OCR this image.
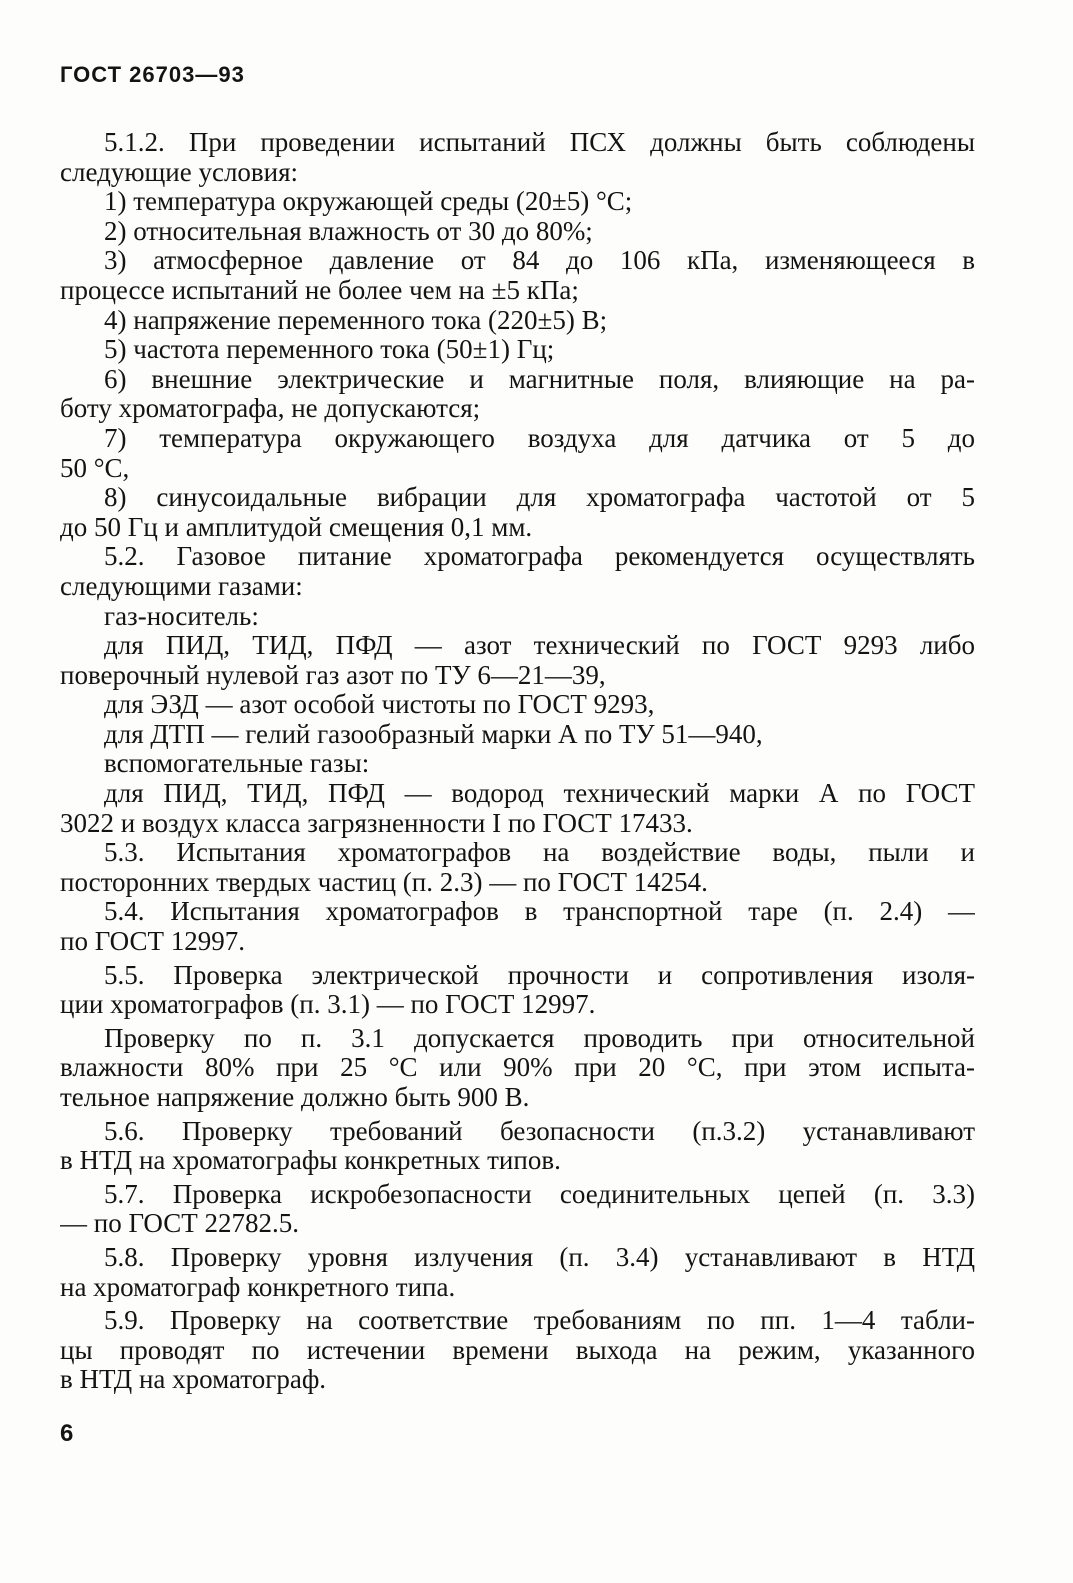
ГОСТ 26703—93
5.1.2. При проведении испытаний ПСХ должны быть соблюдены
следующие условия:
1) температура окружающей среды (20±5) °С;
2) относительная влажность от 30 до 80%;
3) атмосферное давление от 84 до 106 кПа, изменяющееся в
процессе испытаний не более чем на ±5 кПа;
4) напряжение переменного тока (220±5) В;
5) частота переменного тока (50±1) Гц;
6) внешние электрические и магнитные поля, влияющие на ра-
боту хроматографа, не допускаются;
7) температура окружающего воздуха для датчика от 5 до
50 °С,
8) синусоидальные вибрации для хроматографа частотой от 5
до 50 Гц и амплитудой смещения 0,1 мм.
5.2. Газовое питание хроматографа рекомендуется осуществлять
следующими газами:
газ-носитель:
для ПИД, ТИД, ПФД — азот технический по ГОСТ 9293 либо
поверочный нулевой газ азот по ТУ 6—21—39,
для ЭЗД — азот особой чистоты по ГОСТ 9293,
для ДТП — гелий газообразный марки А по ТУ 51—940,
вспомогательные газы:
для ПИД, ТИД, ПФД — водород технический марки А по ГОСТ
3022 и воздух класса загрязненности I по ГОСТ 17433.
5.3. Испытания хроматографов на воздействие воды, пыли и
посторонних твердых частиц (п. 2.3) — по ГОСТ 14254.
5.4. Испытания хроматографов в транспортной таре (п. 2.4) —
по ГОСТ 12997.
5.5. Проверка электрической прочности и сопротивления изоля-
ции хроматографов (п. 3.1) — по ГОСТ 12997.
Проверку по п. 3.1 допускается проводить при относительной
влажности 80% при 25 °С или 90% при 20 °С, при этом испыта-
тельное напряжение должно быть 900 В.
5.6. Проверку требований безопасности (п.3.2) устанавливают
в НТД на хроматографы конкретных типов.
5.7. Проверка искробезопасности соединительных цепей (п. 3.3)
— по ГОСТ 22782.5.
5.8. Проверку уровня излучения (п. 3.4) устанавливают в НТД
на хроматограф конкретного типа.
5.9. Проверку на соответствие требованиям по пп. 1—4 табли-
цы проводят по истечении времени выхода на режим, указанного
в НТД на хроматограф.
6
